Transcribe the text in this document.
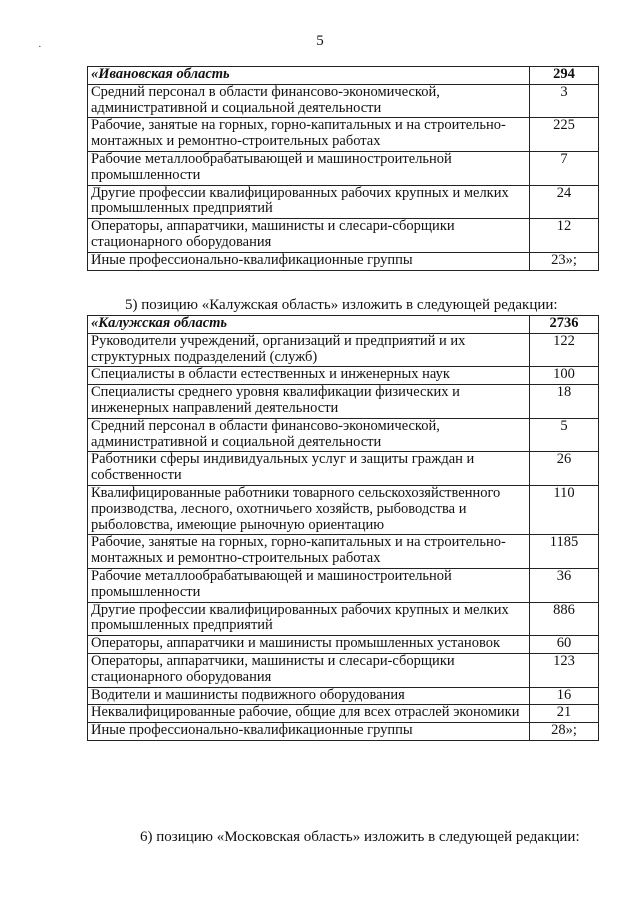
5
·
«Ивановская область	294
Средний персонал в области финансово-экономической, административной и социальной деятельности	3
Рабочие, занятые на горных, горно-капитальных и на строительно-монтажных и ремонтно-строительных работах	225
Рабочие металлообрабатывающей и машиностроительной промышленности	7
Другие профессии квалифицированных рабочих крупных и мелких промышленных предприятий	24
Операторы, аппаратчики, машинисты и слесари-сборщики стационарного оборудования	12
Иные профессионально-квалификационные группы	23»;
5) позицию «Калужская область» изложить в следующей редакции:
«Калужская область	2736
Руководители учреждений, организаций и предприятий и их структурных подразделений (служб)	122
Специалисты в области естественных и инженерных наук	100
Специалисты среднего уровня квалификации физических и инженерных направлений деятельности	18
Средний персонал в области финансово-экономической, административной и социальной деятельности	5
Работники сферы индивидуальных услуг и защиты граждан и собственности	26
Квалифицированные работники товарного сельскохозяйственного производства, лесного, охотничьего хозяйств, рыбоводства и рыболовства, имеющие рыночную ориентацию	110
Рабочие, занятые на горных, горно-капитальных и на строительно-монтажных и ремонтно-строительных работах	1185
Рабочие металлообрабатывающей и машиностроительной промышленности	36
Другие профессии квалифицированных рабочих крупных и мелких промышленных предприятий	886
Операторы, аппаратчики и машинисты промышленных установок	60
Операторы, аппаратчики, машинисты и слесари-сборщики стационарного оборудования	123
Водители и машинисты подвижного оборудования	16
Неквалифицированные рабочие, общие для всех отраслей экономики	21
Иные профессионально-квалификационные группы	28»;
6) позицию «Московская область» изложить в следующей редакции:
